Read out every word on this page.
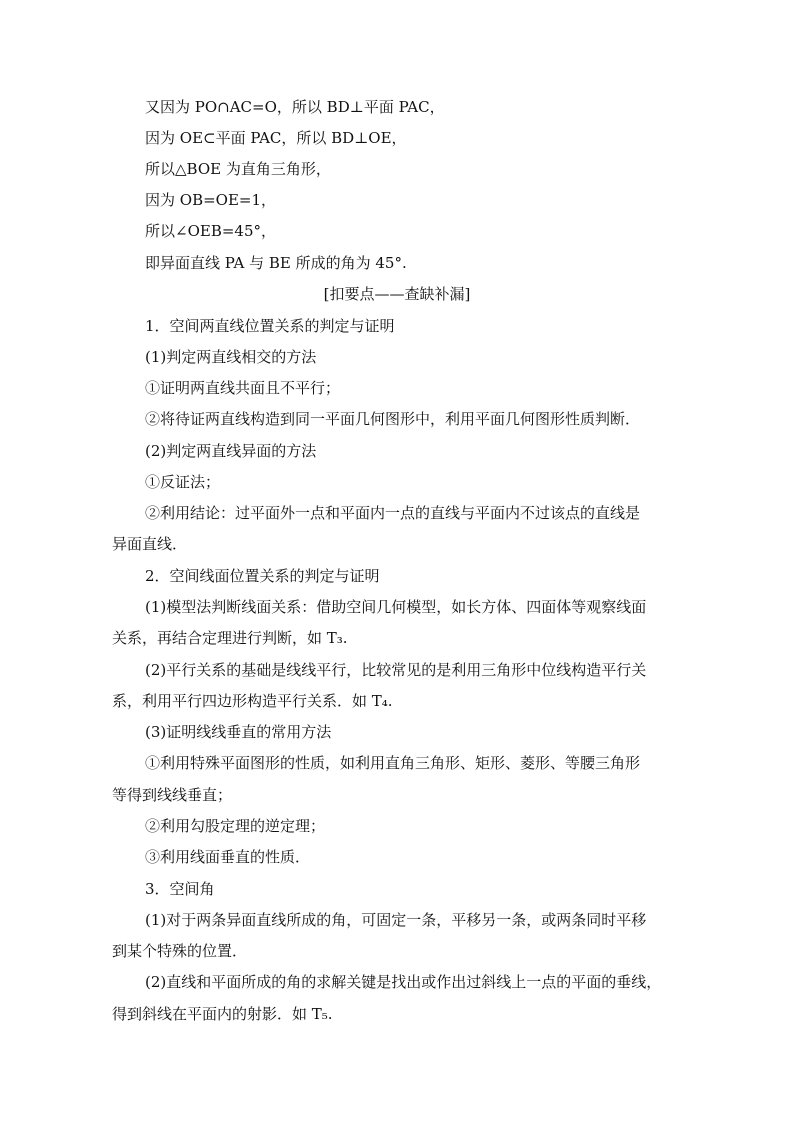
又因为 PO∩AC=O，所以 BD⊥平面 PAC，
因为 OE⊂平面 PAC，所以 BD⊥OE，
所以△BOE 为直角三角形，
因为 OB=OE=1，
所以∠OEB=45°，
即异面直线 PA 与 BE 所成的角为 45°.
[扣要点——查缺补漏]
1．空间两直线位置关系的判定与证明
(1)判定两直线相交的方法
①证明两直线共面且不平行；
②将待证两直线构造到同一平面几何图形中，利用平面几何图形性质判断．
(2)判定两直线异面的方法
①反证法；
②利用结论：过平面外一点和平面内一点的直线与平面内不过该点的直线是
异面直线．
2．空间线面位置关系的判定与证明
(1)模型法判断线面关系：借助空间几何模型，如长方体、四面体等观察线面
关系，再结合定理进行判断，如 T₃.
(2)平行关系的基础是线线平行，比较常见的是利用三角形中位线构造平行关
系，利用平行四边形构造平行关系．如 T₄.
(3)证明线线垂直的常用方法
①利用特殊平面图形的性质，如利用直角三角形、矩形、菱形、等腰三角形
等得到线线垂直；
②利用勾股定理的逆定理；
③利用线面垂直的性质．
3．空间角
(1)对于两条异面直线所成的角，可固定一条，平移另一条，或两条同时平移
到某个特殊的位置．
(2)直线和平面所成的角的求解关键是找出或作出过斜线上一点的平面的垂线，
得到斜线在平面内的射影．如 T₅.
